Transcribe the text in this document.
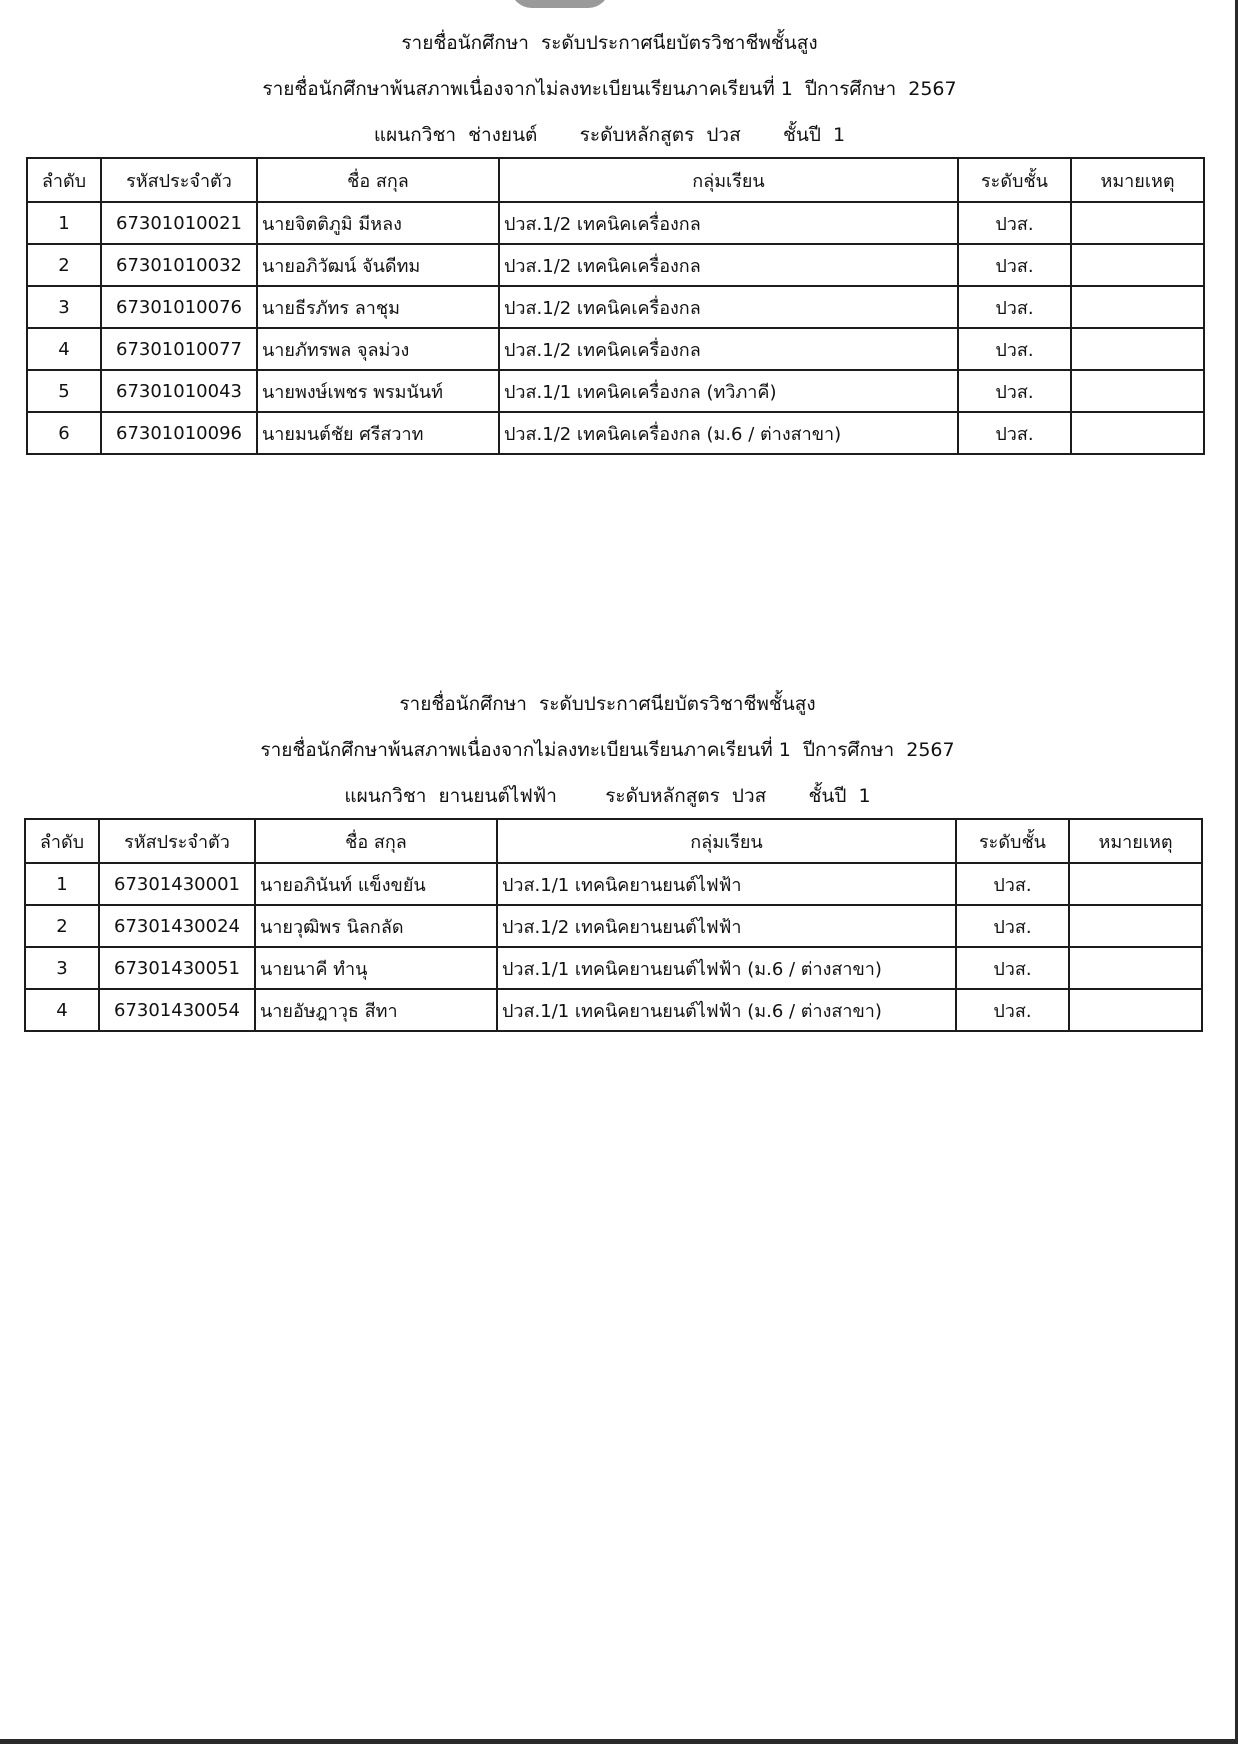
รายชื่อนักศึกษา  ระดับประกาศนียบัตรวิชาชีพชั้นสูง
รายชื่อนักศึกษาพ้นสภาพเนื่องจากไม่ลงทะเบียนเรียนภาคเรียนที่ 1  ปีการศึกษา  2567
แผนกวิชา  ช่างยนต์       ระดับหลักสูตร  ปวส       ชั้นปี  1
ลำดับ	รหัสประจำตัว	ชื่อ สกุล	กลุ่มเรียน	ระดับชั้น	หมายเหตุ
1	67301010021	นายจิตติภูมิ มีหลง	ปวส.1/2 เทคนิคเครื่องกล	ปวส.	
2	67301010032	นายอภิวัฒน์ จันดีทม	ปวส.1/2 เทคนิคเครื่องกล	ปวส.	
3	67301010076	นายธีรภัทร ลาชุม	ปวส.1/2 เทคนิคเครื่องกล	ปวส.	
4	67301010077	นายภัทรพล จุลม่วง	ปวส.1/2 เทคนิคเครื่องกล	ปวส.	
5	67301010043	นายพงษ์เพชร พรมนันท์	ปวส.1/1 เทคนิคเครื่องกล (ทวิภาคี)	ปวส.	
6	67301010096	นายมนต์ชัย ศรีสวาท	ปวส.1/2 เทคนิคเครื่องกล (ม.6 / ต่างสาขา)	ปวส.	
รายชื่อนักศึกษา  ระดับประกาศนียบัตรวิชาชีพชั้นสูง
รายชื่อนักศึกษาพ้นสภาพเนื่องจากไม่ลงทะเบียนเรียนภาคเรียนที่ 1  ปีการศึกษา  2567
แผนกวิชา  ยานยนต์ไฟฟ้า        ระดับหลักสูตร  ปวส       ชั้นปี  1
ลำดับ	รหัสประจำตัว	ชื่อ สกุล	กลุ่มเรียน	ระดับชั้น	หมายเหตุ
1	67301430001	นายอภินันท์ แข็งขยัน	ปวส.1/1 เทคนิคยานยนต์ไฟฟ้า	ปวส.	
2	67301430024	นายวุฒิพร นิลกลัด	ปวส.1/2 เทคนิคยานยนต์ไฟฟ้า	ปวส.	
3	67301430051	นายนาคี ทำนุ	ปวส.1/1 เทคนิคยานยนต์ไฟฟ้า (ม.6 / ต่างสาขา)	ปวส.	
4	67301430054	นายอัษฎาวุธ สีทา	ปวส.1/1 เทคนิคยานยนต์ไฟฟ้า (ม.6 / ต่างสาขา)	ปวส.	
